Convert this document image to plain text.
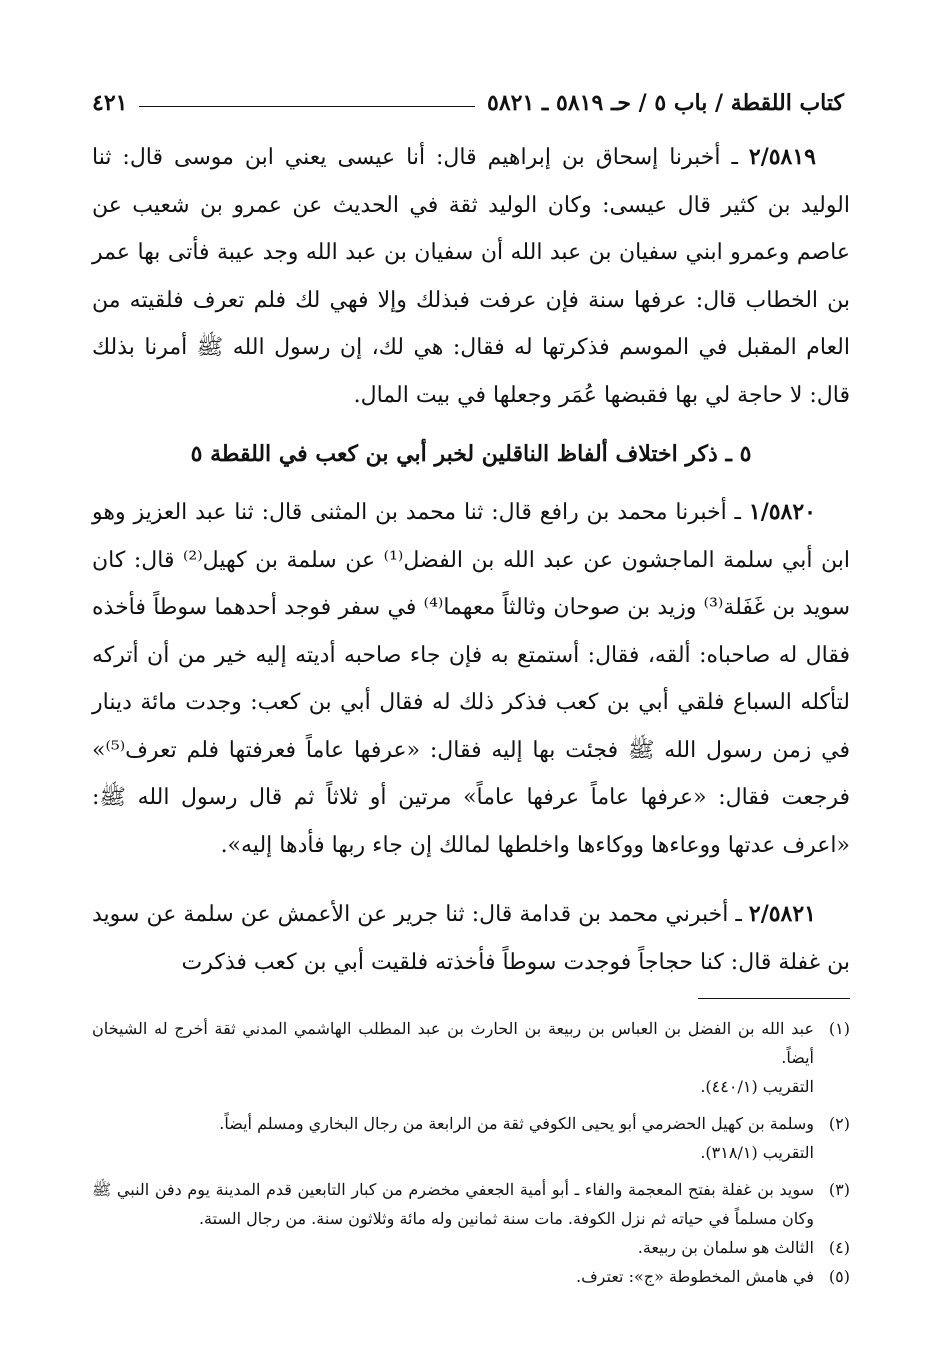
كتاب اللقطة / باب ٥ / حـ ٥٨١٩ ـ ٥٨٢١
٤٢١

٢/٥٨١٩ ـ أخبرنا إسحاق بن إبراهيم قال: أنا عيسى يعني ابن موسى قال: ثنا الوليد بن كثير قال عيسى: وكان الوليد ثقة في الحديث عن عمرو بن شعيب عن عاصم وعمرو ابني سفيان بن عبد الله أن سفيان بن عبد الله وجد عيبة فأتى بها عمر بن الخطاب قال: عرفها سنة فإن عرفت فبذلك وإلا فهي لك فلم تعرف فلقيته من العام المقبل في الموسم فذكرتها له فقال: هي لك، إن رسول الله ﷺ أمرنا بذلك قال: لا حاجة لي بها فقبضها عُمَر وجعلها في بيت المال.

٥ ـ ذكر اختلاف ألفاظ الناقلين لخبر أبي بن كعب في اللقطة ٥

١/٥٨٢٠ ـ أخبرنا محمد بن رافع قال: ثنا محمد بن المثنى قال: ثنا عبد العزيز وهو ابن أبي سلمة الماجشون عن عبد الله بن الفضل⁽¹⁾ عن سلمة بن كهيل⁽²⁾ قال: كان سويد بن غَفَلة⁽³⁾ وزيد بن صوحان وثالثاً معهما⁽⁴⁾ في سفر فوجد أحدهما سوطاً فأخذه فقال له صاحباه: ألقه، فقال: أستمتع به فإن جاء صاحبه أديته إليه خير من أن أتركه لتأكله السباع فلقي أبي بن كعب فذكر ذلك له فقال أبي بن كعب: وجدت مائة دينار في زمن رسول الله ﷺ فجئت بها إليه فقال: «عرفها عاماً فعرفتها فلم تعرف⁽⁵⁾» فرجعت فقال: «عرفها عاماً عرفها عاماً» مرتين أو ثلاثاً ثم قال رسول الله ﷺ: «اعرف عدتها ووعاءها ووكاءها واخلطها لمالك إن جاء ربها فأدها إليه».

٢/٥٨٢١ ـ أخبرني محمد بن قدامة قال: ثنا جرير عن الأعمش عن سلمة عن سويد بن غفلة قال: كنا حجاجاً فوجدت سوطاً فأخذته فلقيت أبي بن كعب فذكرت

(١)
عبد الله بن الفضل بن العباس بن ربيعة بن الحارث بن عبد المطلب الهاشمي المدني ثقة أخرج له الشيخان أيضاً.
التقريب (٤٤٠/١).
(٢)
وسلمة بن كهيل الحضرمي أبو يحيى الكوفي ثقة من الرابعة من رجال البخاري ومسلم أيضاً.
التقريب (٣١٨/١).
(٣)
سويد بن غفلة بفتح المعجمة والفاء ـ أبو أمية الجعفي مخضرم من كبار التابعين قدم المدينة يوم دفن النبي ﷺ وكان مسلماً في حياته ثم نزل الكوفة. مات سنة ثمانين وله مائة وثلاثون سنة. من رجال الستة.
(٤)
الثالث هو سلمان بن ربيعة.
(٥)
في هامش المخطوطة «ج»: تعترف.
